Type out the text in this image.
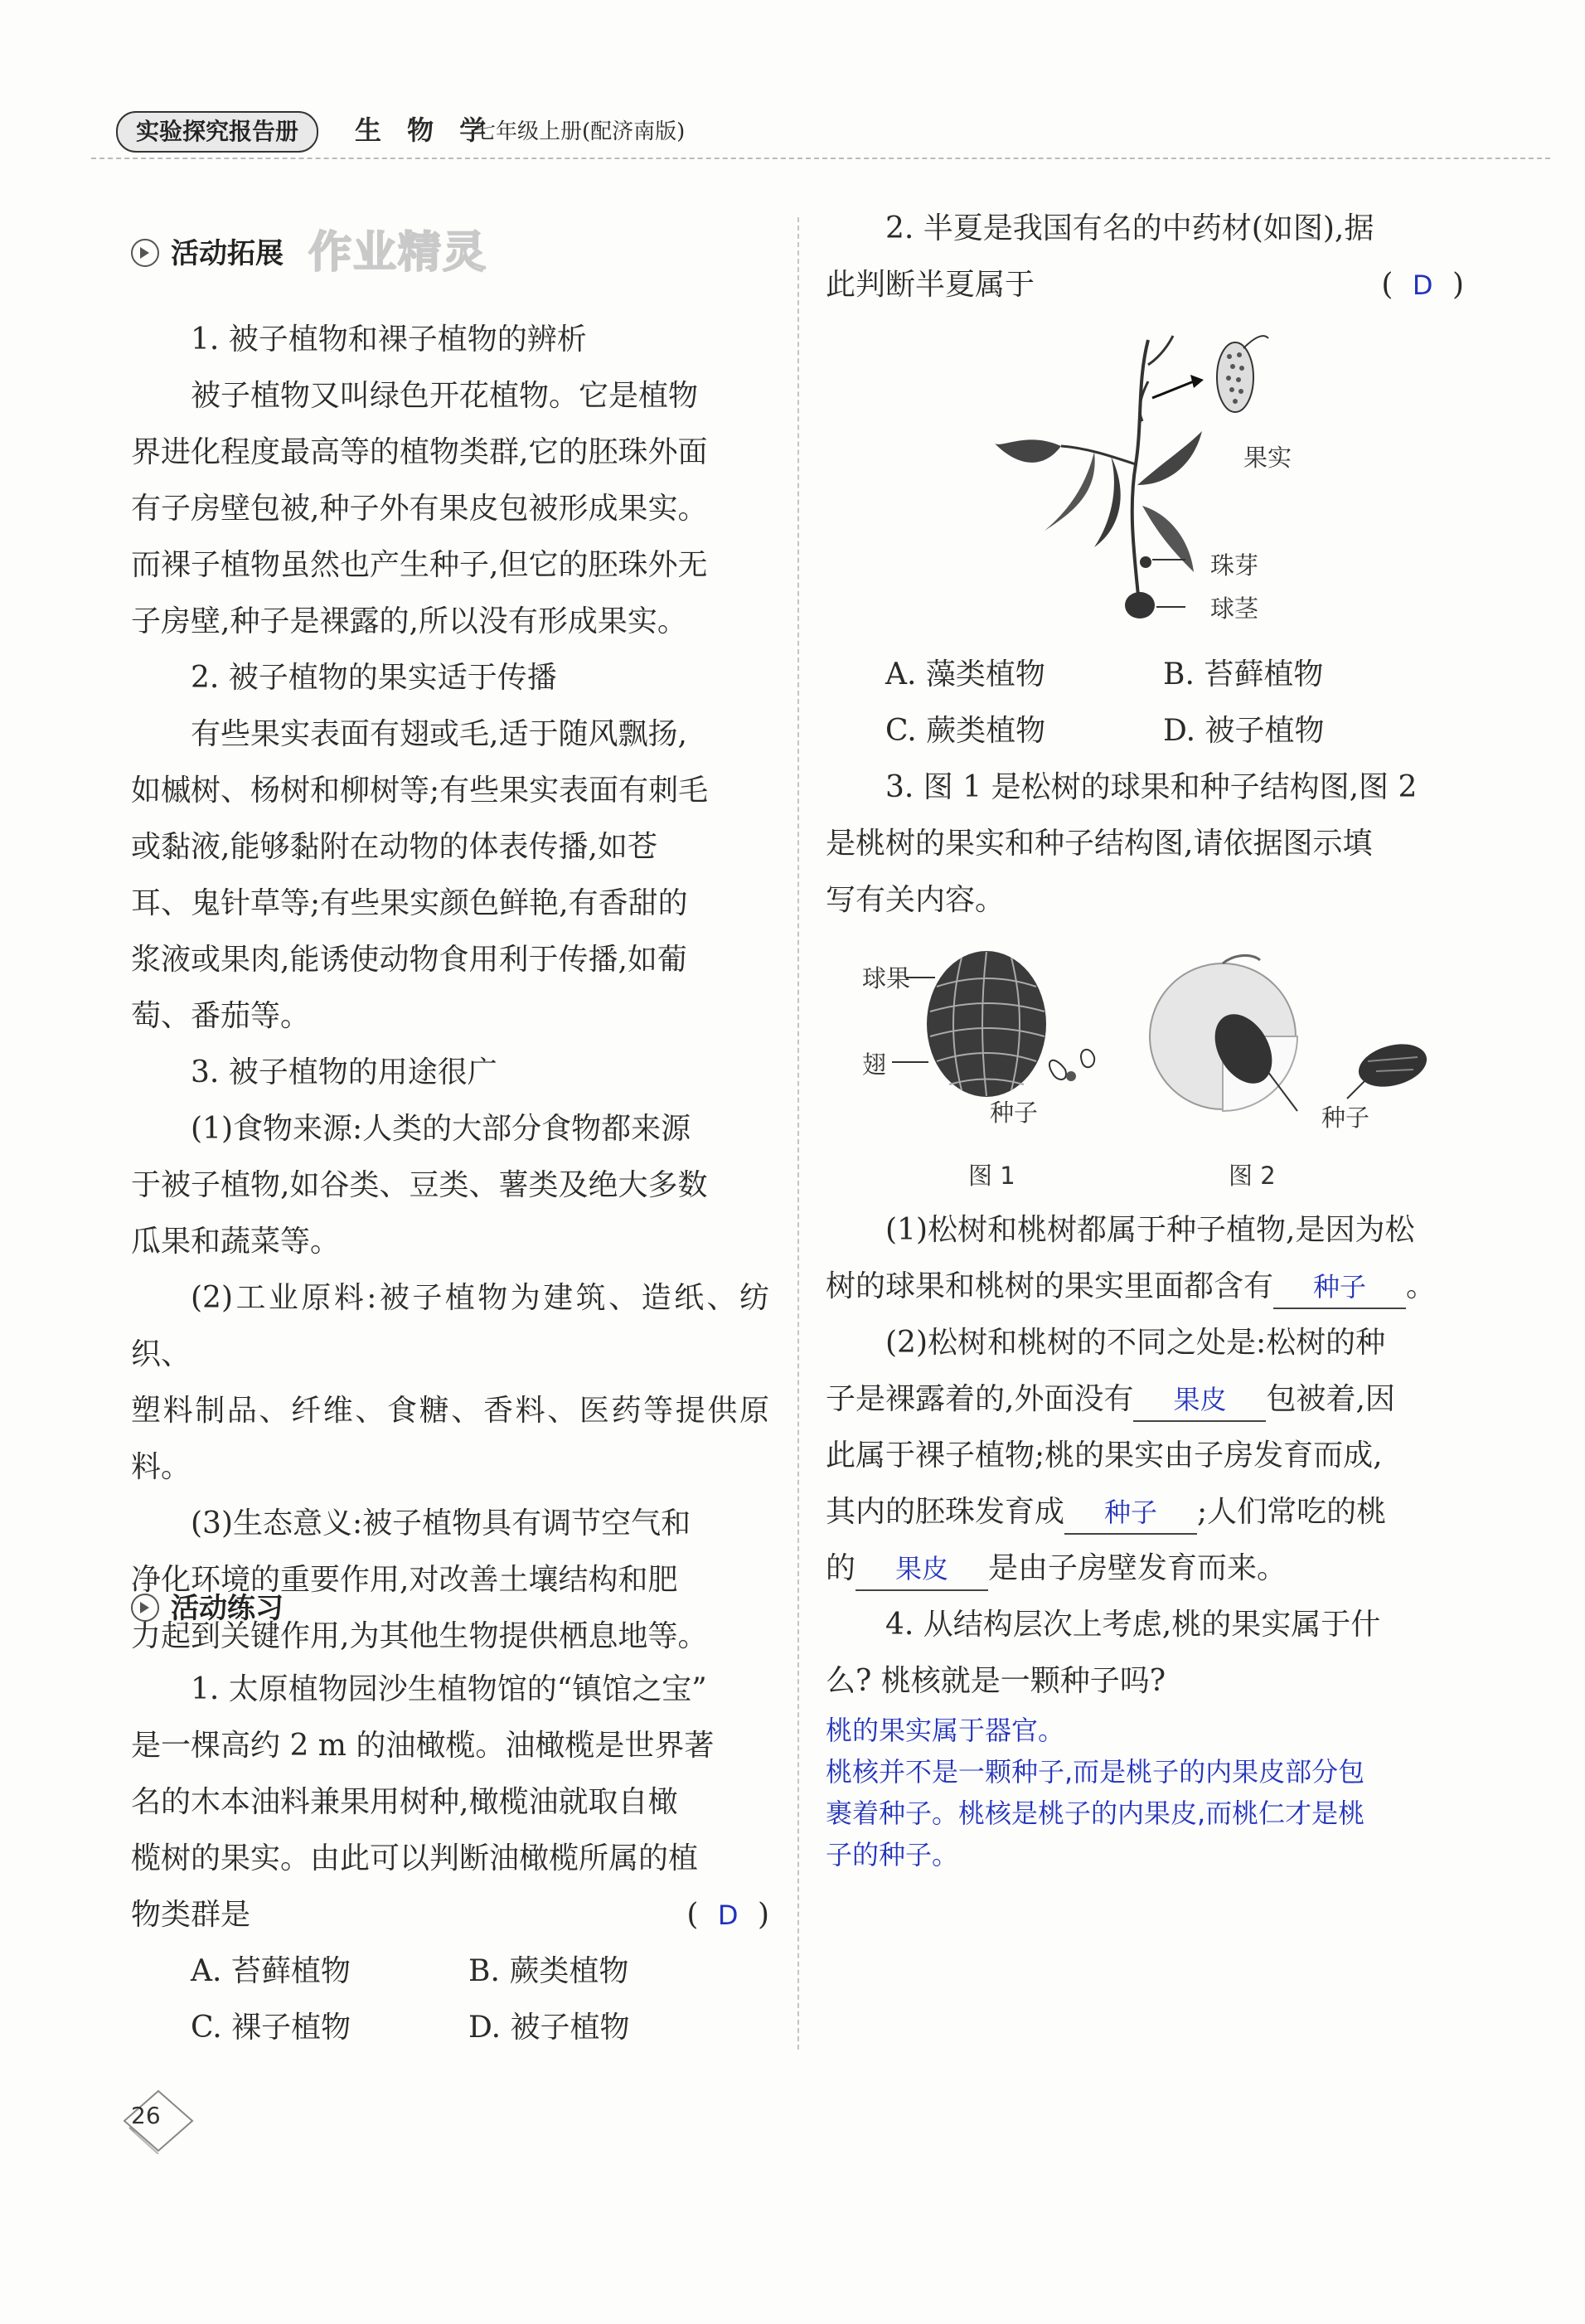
实验探究报告册	生 物 学
七年级上册(配济南版)
活动拓展 作业精灵

1. 被子植物和裸子植物的辨析

被子植物又叫绿色开花植物。它是植物

界进化程度最高等的植物类群,它的胚珠外面

有子房壁包被,种子外有果皮包被形成果实。

而裸子植物虽然也产生种子,但它的胚珠外无

子房壁,种子是裸露的,所以没有形成果实。

2. 被子植物的果实适于传播

有些果实表面有翅或毛,适于随风飘扬,

如槭树、杨树和柳树等;有些果实表面有刺毛

或黏液,能够黏附在动物的体表传播,如苍

耳、鬼针草等;有些果实颜色鲜艳,有香甜的

浆液或果肉,能诱使动物食用利于传播,如葡

萄、番茄等。

3. 被子植物的用途很广

(1)食物来源:人类的大部分食物都来源

于被子植物,如谷类、豆类、薯类及绝大多数

瓜果和蔬菜等。

(2)工业原料:被子植物为建筑、造纸、纺织、

塑料制品、纤维、食糖、香料、医药等提供原料。

(3)生态意义:被子植物具有调节空气和

净化环境的重要作用,对改善土壤结构和肥

力起到关键作用,为其他生物提供栖息地等。

活动练习

1. 太原植物园沙生植物馆的“镇馆之宝”

是一棵高约 2 m 的油橄榄。油橄榄是世界著

名的木本油料兼果用树种,橄榄油就取自橄

榄树的果实。由此可以判断油橄榄所属的植

物类群是	( D )

A. 苔藓植物	B. 蕨类植物
C. 裸子植物	D. 被子植物

2. 半夏是我国有名的中药材(如图),据

此判断半夏属于	( D )

果实
珠芽
球茎
A. 藻类植物	B. 苔藓植物
C. 蕨类植物	D. 被子植物

3. 图 1 是松树的球果和种子结构图,图 2

是桃树的果实和种子结构图,请依据图示填

写有关内容。

球果
翅
种子
图 1
种子
图 2

(1)松树和桃树都属于种子植物,是因为松

树的球果和桃树的果实里面都含有 种子 。

(2)松树和桃树的不同之处是:松树的种

子是裸露着的,外面没有 果皮 包被着,因

此属于裸子植物;桃的果实由子房发育而成,

其内的胚珠发育成 种子 ;人们常吃的桃

的 果皮 是由子房壁发育而来。

4. 从结构层次上考虑,桃的果实属于什

么? 桃核就是一颗种子吗?

桃的果实属于器官。
桃核并不是一颗种子,而是桃子的内果皮部分包
裹着种子。桃核是桃子的内果皮,而桃仁才是桃
子的种子。
26
